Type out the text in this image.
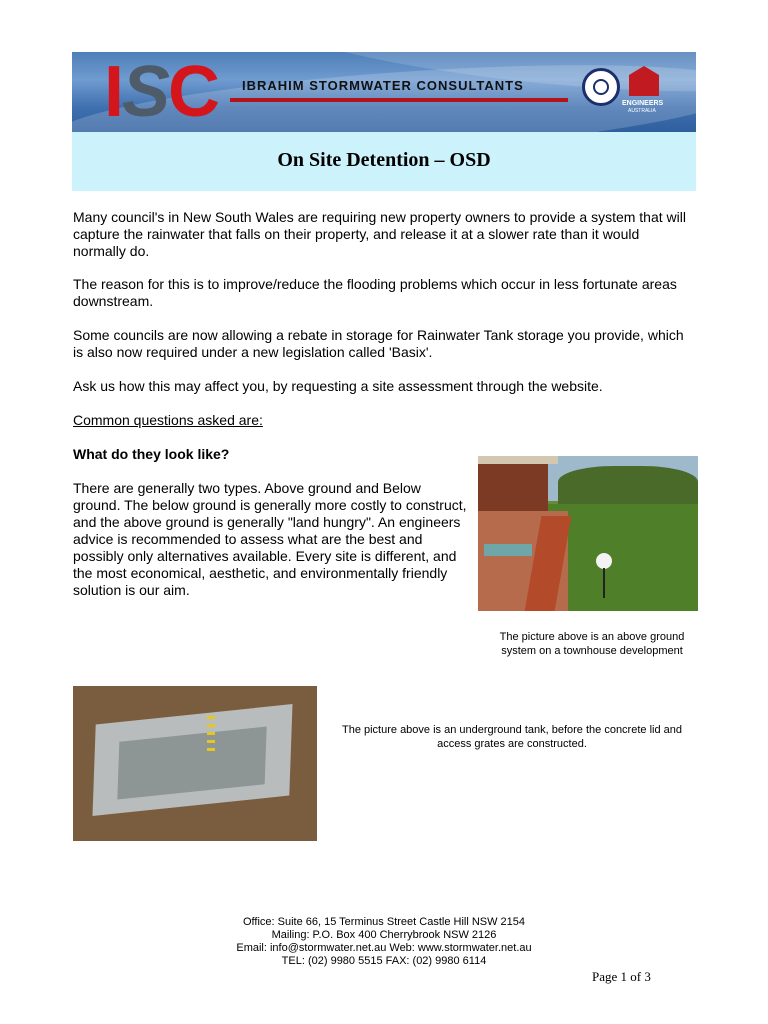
ISC IBRAHIM STORMWATER CONSULTANTS
ENGINEERS
AUSTRALIA
On Site Detention – OSD

Many council's in New South Wales are requiring new property owners to provide a system that will capture the rainwater that falls on their property, and release it at a slower rate than it would normally do.

The reason for this is to improve/reduce the flooding problems which occur in less fortunate areas downstream.

Some councils are now allowing a rebate in storage for Rainwater Tank storage you provide, which is also now required under a new legislation called 'Basix'.

Ask us how this may affect you, by requesting a site assessment through the website.

Common questions asked are:

What do they look like?

There are generally two types. Above ground and Below ground. The below ground is generally more costly to construct, and the above ground is generally "land hungry". An engineers advice is recommended to assess what are the best and possibly only alternatives available. Every site is different, and the most economical, aesthetic, and environmentally friendly solution is our aim.

The picture above is an above ground system on a townhouse development

The picture above is an underground tank, before the concrete lid and access grates are constructed.

Office: Suite 66, 15 Terminus Street Castle Hill NSW 2154
Mailing: P.O. Box 400 Cherrybrook NSW 2126
Email: info@stormwater.net.au Web: www.stormwater.net.au
TEL: (02) 9980 5515 FAX: (02) 9980 6114
Page 1 of 3
